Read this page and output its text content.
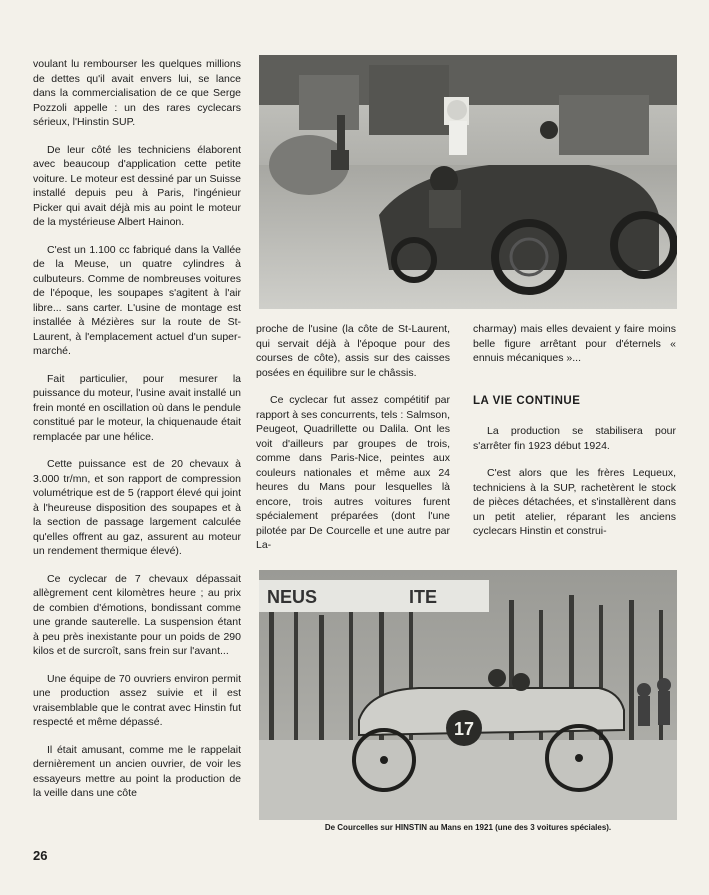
voulant lu rembourser les quelques millions de dettes qu'il avait envers lui, se lance dans la commercialisation de ce que Serge Pozzoli appelle : un des rares cyclecars sérieux, l'Hinstin SUP.

De leur côté les techniciens élaborent avec beaucoup d'application cette petite voiture. Le moteur est dessiné par un Suisse installé depuis peu à Paris, l'ingénieur Picker qui avait déjà mis au point le moteur de la mystérieuse Albert Hainon.

C'est un 1.100 cc fabriqué dans la Vallée de la Meuse, un quatre cylindres à culbuteurs. Comme de nombreuses voitures de l'époque, les soupapes s'agitent à l'air libre... sans carter. L'usine de montage est installée à Mézières sur la route de St-Laurent, à l'emplacement actuel d'un super-marché.

Fait particulier, pour mesurer la puissance du moteur, l'usine avait installé un frein monté en oscillation où dans le pendule constitué par le moteur, la chiquenaude était remplacée par une hélice.

Cette puissance est de 20 chevaux à 3.000 tr/mn, et son rapport de compression volumétrique est de 5 (rapport élevé qui joint à l'heureuse disposition des soupapes et à la section de passage largement calculée qu'elles offrent au gaz, assurent au moteur un rendement thermique élevé).

Ce cyclecar de 7 chevaux dépassait allègrement cent kilomètres heure ; au prix de combien d'émotions, bondissant comme une grande sauterelle. La suspension étant à peu près inexistante pour un poids de 290 kilos et de surcroît, sans frein sur l'avant...

Une équipe de 70 ouvriers environ permit une production assez suivie et il est vraisemblable que le contrat avec Hinstin fut respecté et même dépassé.

Il était amusant, comme me le rappelait dernièrement un ancien ouvrier, de voir les essayeurs mettre au point la production de la veille dans une côte

proche de l'usine (la côte de St-Laurent, qui servait déjà à l'époque pour des courses de côte), assis sur des caisses posées en équilibre sur le châssis.

Ce cyclecar fut assez compétitif par rapport à ses concurrents, tels : Salmson, Peugeot, Quadrillette ou Dalila. Ont les voit d'ailleurs par groupes de trois, comme dans Paris-Nice, peintes aux couleurs nationales et même aux 24 heures du Mans pour lesquelles là encore, trois autres voitures furent spécialement préparées (dont l'une pilotée par De Courcelle et une autre par La-

charmay) mais elles devaient y faire moins belle figure arrêtant pour d'éternels « ennuis mécaniques »...

LA VIE CONTINUE

La production se stabilisera pour s'arrêter fin 1923 début 1924.

C'est alors que les frères Lequeux, techniciens à la SUP, rachetèrent le stock de pièces détachées, et s'installèrent dans un petit atelier, réparant les anciens cyclecars Hinstin et construi-

NEUS	ITE
17
De Courcelles sur HINSTIN au Mans en 1921 (une des 3 voitures spéciales).
26
